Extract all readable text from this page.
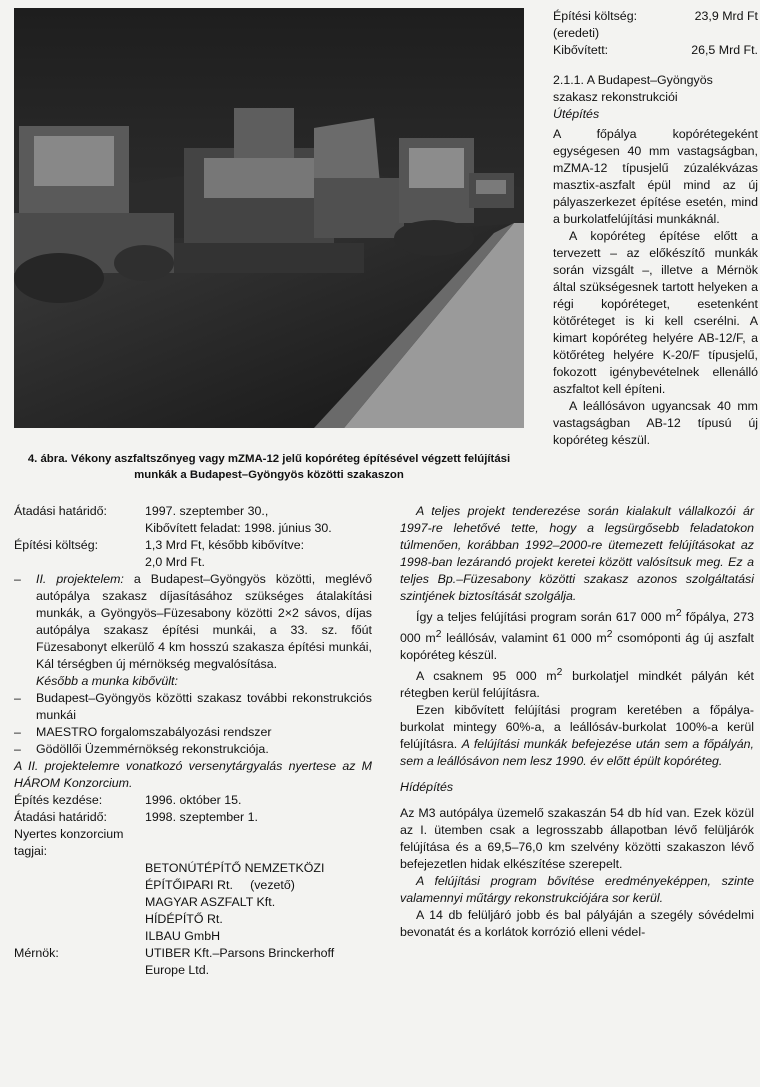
4. ábra. Vékony aszfaltszőnyeg vagy mZMA-12 jelű kopóréteg építésével végzett felújítási munkák a Budapest–Gyöngyös közötti szakaszon
Építési költség:	23,9 Mrd Ft
(eredeti)
Kibővített:	26,5 Mrd Ft.
2.1.1. A Budapest–Gyöngyös szakasz rekonstrukciói
Útépítés

A főpálya kopórétegeként egységesen 40 mm vastagságban, mZMA-12 típusjelű zúzalékvázas masztix-aszfalt épül mind az új pályaszerkezet építése esetén, mind a burkolatfelújítási munkáknál.

A kopóréteg építése előtt a tervezett – az előkészítő munkák során vizsgált –, illetve a Mérnök által szükségesnek tartott helyeken a régi kopóréteget, esetenként kötőréteget is ki kell cserélni. A kimart kopóréteg helyére AB-12/F, a kötőréteg helyére K-20/F típusjelű, fokozott igénybevételnek ellenálló aszfaltot kell építeni.

A leállósávon ugyancsak 40 mm vastagságban AB-12 típusú új kopóréteg készül.

Átadási határidő:	1997. szeptember 30.,
Kibővített feladat: 1998. június 30.
Építési költség:	1,3 Mrd Ft, később kibővítve:
2,0 Mrd Ft.
–	II. projektelem: a Budapest–Gyöngyös közötti, meglévő autópálya szakasz díjasításához szükséges átalakítási munkák, a Gyöngyös–Füzesabony közötti 2×2 sávos, díjas autópálya szakasz építési munkái, a 33. sz. főút Füzesabonyt elkerülő 4 km hosszú szakasza építési munkái, Kál térségben új mérnökség megvalósítása.
Később a munka kibővült:
–	Budapest–Gyöngyös közötti szakasz további rekonstrukciós munkái
–	MAESTRO forgalomszabályozási rendszer
–	Gödöllői Üzemmérnökség rekonstrukciója.
A II. projektelemre vonatkozó versenytárgyalás nyertese az M HÁROM Konzorcium.
Építés kezdése:	1996. október 15.
Átadási határidő:	1998. szeptember 1.
Nyertes konzorcium
tagjai:
BETONÚTÉPÍTŐ NEMZETKÖZI
ÉPÍTŐIPARI Rt.     (vezető)
MAGYAR ASZFALT Kft.
HÍDÉPÍTŐ Rt.
ILBAU GmbH
Mérnök:	UTIBER Kft.–Parsons Brinckerhoff Europe Ltd.

A teljes projekt tenderezése során kialakult vállalkozói ár 1997-re lehetővé tette, hogy a legsürgősebb feladatokon túlmenően, korábban 1992–2000-re ütemezett felújításokat az 1998-ban lezárandó projekt keretei között valósítsuk meg. Ez a teljes Bp.–Füzesabony közötti szakasz azonos szolgáltatási szintjének biztosítását szolgálja.

Így a teljes felújítási program során 617 000 $m^2$ főpálya, 273 000 $m^2$ leállósáv, valamint 61 000 $m^2$ csomóponti ág új aszfalt kopóréteg készül.

A csaknem 95 000 $m^2$ burkolatjel mindkét pályán két rétegben kerül felújításra.

Ezen kibővített felújítási program keretében a főpálya-burkolat mintegy 60%-a, a leállósáv-burkolat 100%-a kerül felújításra. A felújítási munkák befejezése után sem a főpályán, sem a leállósávon nem lesz 1990. év előtt épült kopóréteg.

Hídépítés

Az M3 autópálya üzemelő szakaszán 54 db híd van. Ezek közül az I. ütemben csak a legrosszabb állapotban lévő felüljárók felújítása és a 69,5–76,0 km szelvény közötti szakaszon lévő befejezetlen hidak elkészítése szerepelt.

A felújítási program bővítése eredményeképpen, szinte valamennyi műtárgy rekonstrukciójára sor kerül.

A 14 db felüljáró jobb és bal pályáján a szegély sóvédelmi bevonatát és a korlátok korrózió elleni védel-
